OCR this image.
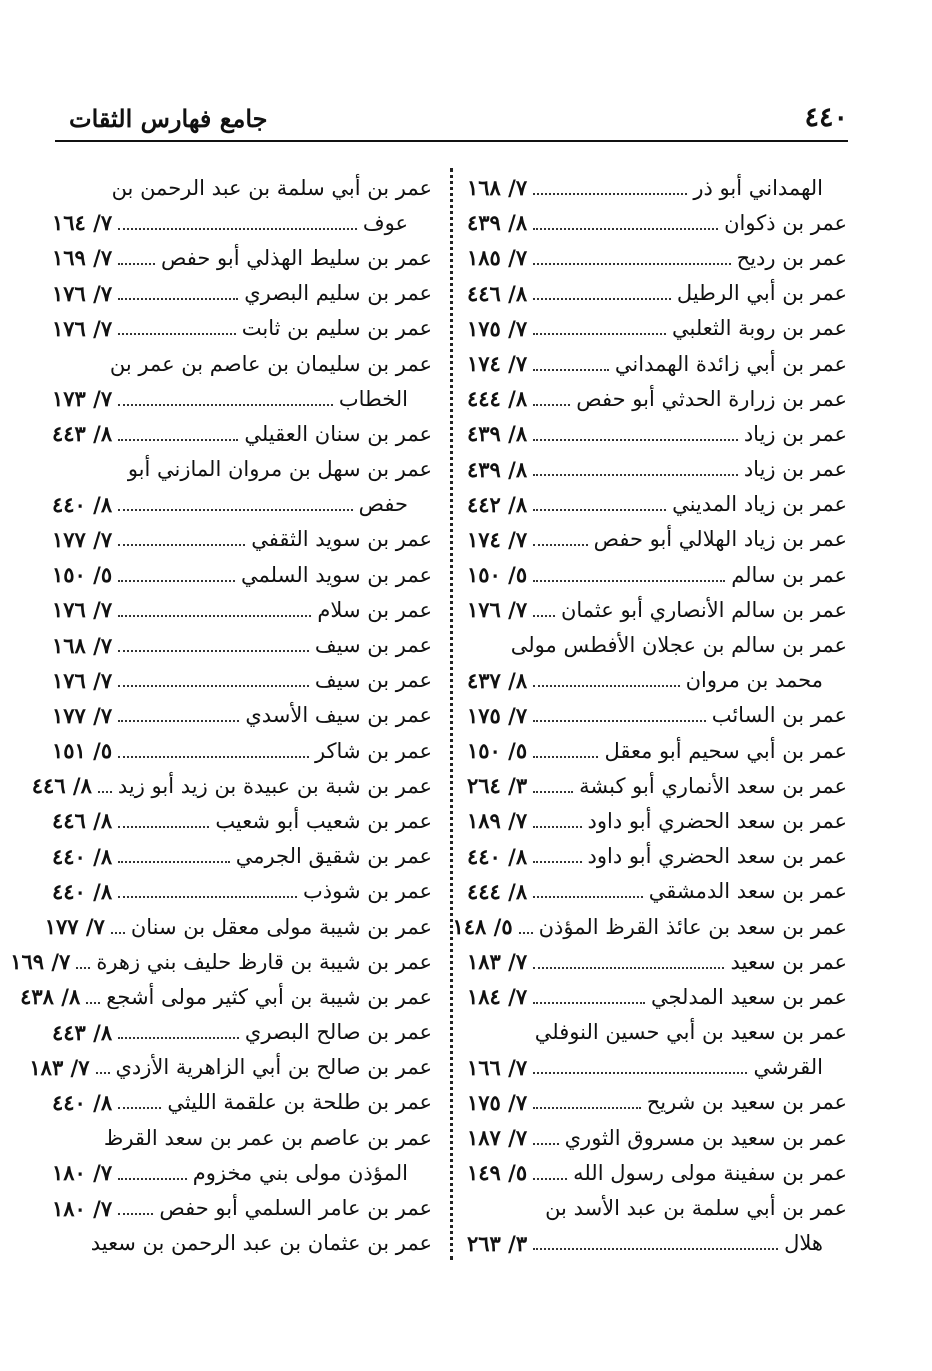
٤٤٠
جامع فهارس الثقات
الهمداني أبو ذر
٧/ ١٦٨
عمر بن ذكوان
٨/ ٤٣٩
عمر بن رديح
٧/ ١٨٥
عمر بن أبي الرطيل
٨/ ٤٤٦
عمر بن روبة الثعلبي
٧/ ١٧٥
عمر بن أبي زائدة الهمداني
٧/ ١٧٤
عمر بن زرارة الحدثي أبو حفص
٨/ ٤٤٤
عمر بن زياد
٨/ ٤٣٩
عمر بن زياد
٨/ ٤٣٩
عمر بن زياد المديني
٨/ ٤٤٢
عمر بن زياد الهلالي أبو حفص
٧/ ١٧٤
عمر بن سالم
٥/ ١٥٠
عمر بن سالم الأنصاري أبو عثمان
٧/ ١٧٦
عمر بن سالم بن عجلان الأفطس مولى
محمد بن مروان
٨/ ٤٣٧
عمر بن السائب
٧/ ١٧٥
عمر بن أبي سحيم أبو معقل
٥/ ١٥٠
عمر بن سعد الأنماري أبو كبشة
٣/ ٢٦٤
عمر بن سعد الحضري أبو داود
٧/ ١٨٩
عمر بن سعد الحضري أبو داود
٨/ ٤٤٠
عمر بن سعد الدمشقي
٨/ ٤٤٤
عمر بن سعد بن عائذ القرظ المؤذن
٥/ ١٤٨
عمر بن سعيد
٧/ ١٨٣
عمر بن سعيد المدلجي
٧/ ١٨٤
عمر بن سعيد بن أبي حسين النوفلي
القرشي
٧/ ١٦٦
عمر بن سعيد بن شريح
٧/ ١٧٥
عمر بن سعيد بن مسروق الثوري
٧/ ١٨٧
عمر بن سفينة مولى رسول الله
٥/ ١٤٩
عمر بن أبي سلمة بن عبد الأسد بن
هلال
٣/ ٢٦٣
عمر بن أبي سلمة بن عبد الرحمن بن
عوف
٧/ ١٦٤
عمر بن سليط الهذلي أبو حفص
٧/ ١٦٩
عمر بن سليم البصري
٧/ ١٧٦
عمر بن سليم بن ثابت
٧/ ١٧٦
عمر بن سليمان بن عاصم بن عمر بن
الخطاب
٧/ ١٧٣
عمر بن سنان العقيلي
٨/ ٤٤٣
عمر بن سهل بن مروان المازني أبو
حفص
٨/ ٤٤٠
عمر بن سويد الثقفي
٧/ ١٧٧
عمر بن سويد السلمي
٥/ ١٥٠
عمر بن سلام
٧/ ١٧٦
عمر بن سيف
٧/ ١٦٨
عمر بن سيف
٧/ ١٧٦
عمر بن سيف الأسدي
٧/ ١٧٧
عمر بن شاكر
٥/ ١٥١
عمر بن شبة بن عبيدة بن زيد أبو زيد
٨/ ٤٤٦
عمر بن شعيب أبو شعيب
٨/ ٤٤٦
عمر بن شقيق الجرمي
٨/ ٤٤٠
عمر بن شوذب
٨/ ٤٤٠
عمر بن شيبة مولى معقل بن سنان
٧/ ١٧٧
عمر بن شيبة بن قارظ حليف بني زهرة
٧/ ١٦٩
عمر بن شيبة بن أبي كثير مولى أشجع
٨/ ٤٣٨
عمر بن صالح البصري
٨/ ٤٤٣
عمر بن صالح بن أبي الزاهرية الأزدي
٧/ ١٨٣
عمر بن طلحة بن علقمة الليثي
٨/ ٤٤٠
عمر بن عاصم بن عمر بن سعد القرظ
المؤذن مولى بني مخزوم
٧/ ١٨٠
عمر بن عامر السلمي أبو حفص
٧/ ١٨٠
عمر بن عثمان بن عبد الرحمن بن سعيد
